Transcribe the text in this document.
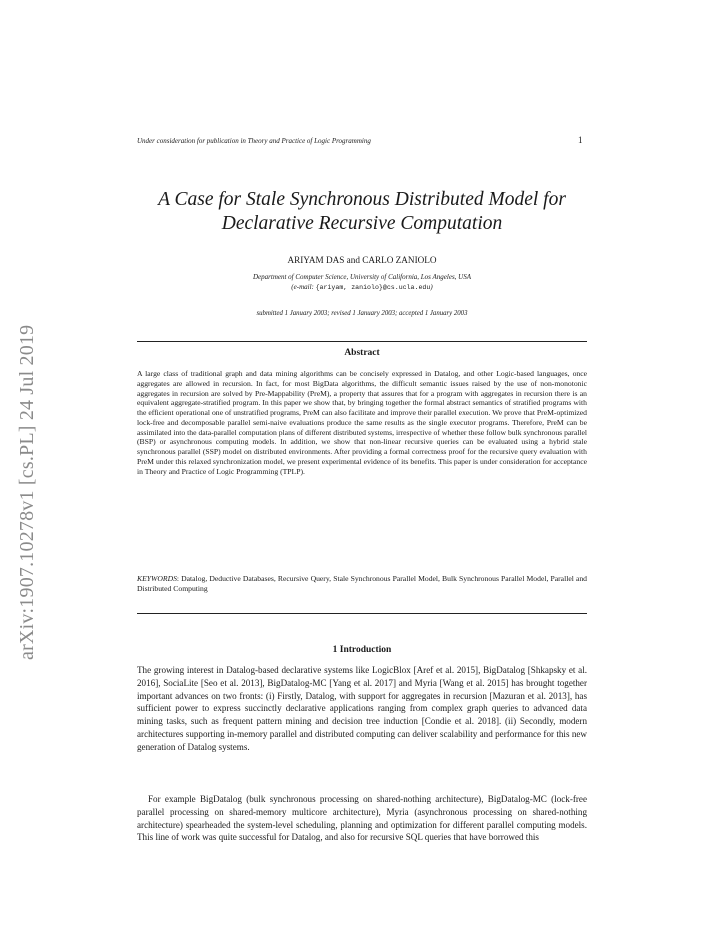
arXiv:1907.10278v1 [cs.PL] 24 Jul 2019
Under consideration for publication in Theory and Practice of Logic Programming	1
A Case for Stale Synchronous Distributed Model for
Declarative Recursive Computation
ARIYAM DAS and CARLO ZANIOLO
Department of Computer Science, University of California, Los Angeles, USA
(e-mail: {ariyam, zaniolo}@cs.ucla.edu)
submitted 1 January 2003; revised 1 January 2003; accepted 1 January 2003
Abstract
A large class of traditional graph and data mining algorithms can be concisely expressed in Datalog, and other Logic-based languages, once aggregates are allowed in recursion. In fact, for most BigData algorithms, the difficult semantic issues raised by the use of non-monotonic aggregates in recursion are solved by Pre-Mappability (PreM), a property that assures that for a program with aggregates in recursion there is an equivalent aggregate-stratified program. In this paper we show that, by bringing together the formal abstract semantics of stratified programs with the efficient operational one of unstratified programs, PreM can also facilitate and improve their parallel execution. We prove that PreM-optimized lock-free and decomposable parallel semi-naive evaluations produce the same results as the single executor programs. Therefore, PreM can be assimilated into the data-parallel computation plans of different distributed systems, irrespective of whether these follow bulk synchronous parallel (BSP) or asynchronous computing models. In addition, we show that non-linear recursive queries can be evaluated using a hybrid stale synchronous parallel (SSP) model on distributed environments. After providing a formal correctness proof for the recursive query evaluation with PreM under this relaxed synchronization model, we present experimental evidence of its benefits. This paper is under consideration for acceptance in Theory and Practice of Logic Programming (TPLP).
KEYWORDS: Datalog, Deductive Databases, Recursive Query, Stale Synchronous Parallel Model, Bulk Synchronous Parallel Model, Parallel and Distributed Computing
1 Introduction
The growing interest in Datalog-based declarative systems like LogicBlox [Aref et al. 2015], BigDatalog [Shkapsky et al. 2016], SociaLite [Seo et al. 2013], BigDatalog-MC [Yang et al. 2017] and Myria [Wang et al. 2015] has brought together important advances on two fronts: (i) Firstly, Datalog, with support for aggregates in recursion [Mazuran et al. 2013], has sufficient power to express succinctly declarative applications ranging from complex graph queries to advanced data mining tasks, such as frequent pattern mining and decision tree induction [Condie et al. 2018]. (ii) Secondly, modern architectures supporting in-memory parallel and distributed computing can deliver scalability and performance for this new generation of Datalog systems.
For example BigDatalog (bulk synchronous processing on shared-nothing architecture), BigDatalog-MC (lock-free parallel processing on shared-memory multicore architecture), Myria (asynchronous processing on shared-nothing architecture) spearheaded the system-level scheduling, planning and optimization for different parallel computing models. This line of work was quite successful for Datalog, and also for recursive SQL queries that have borrowed this
